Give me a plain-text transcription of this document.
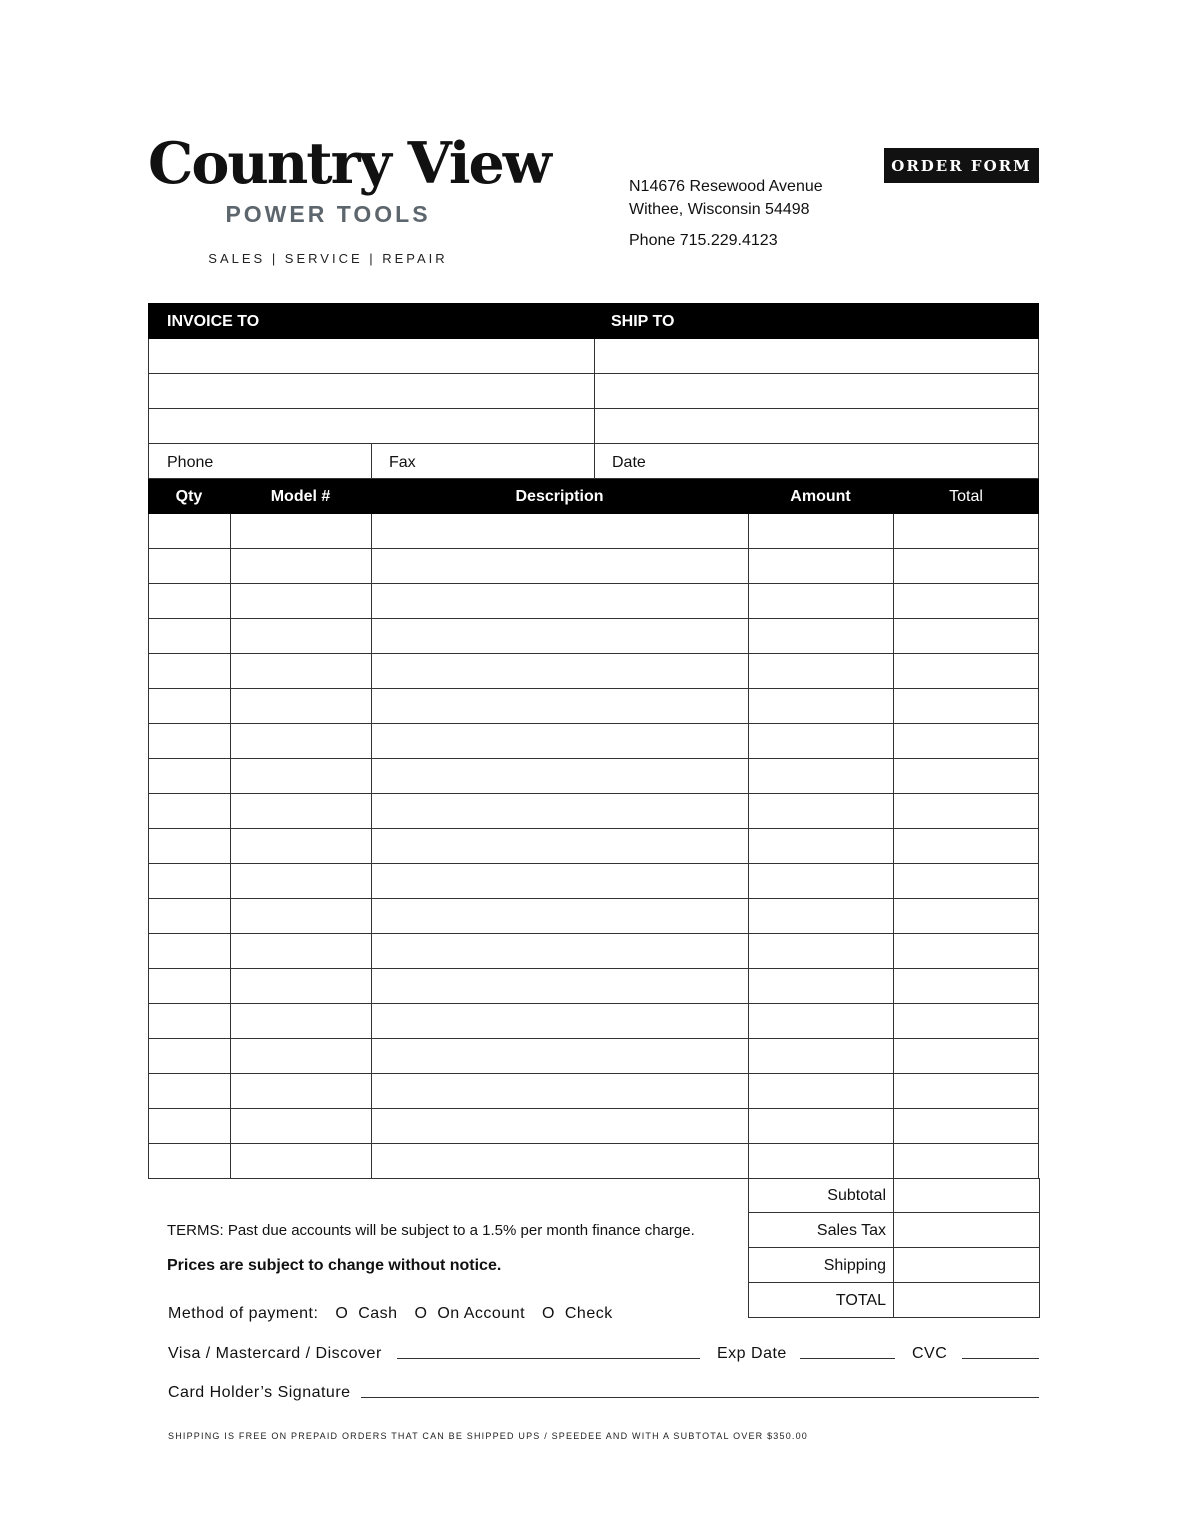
Country View
POWER TOOLS
SALES | SERVICE | REPAIR
N14676 Resewood Avenue
Withee, Wisconsin 54498
Phone 715.229.4123
ORDER FORM
INVOICE TO	SHIP TO
Phone	Fax	Date
Qty	Model #	Description	Amount	Total
Subtotal
Sales Tax
Shipping
TOTAL
TERMS: Past due accounts will be subject to a 1.5% per month finance charge.
Prices are subject to change without notice.
Method of payment: O  Cash O  On Account O  Check
Visa / Mastercard / Discover	Exp Date	CVC
Card Holder’s Signature
SHIPPING IS FREE ON PREPAID ORDERS THAT CAN BE SHIPPED UPS / SPEEDEE AND WITH A SUBTOTAL OVER $350.00
